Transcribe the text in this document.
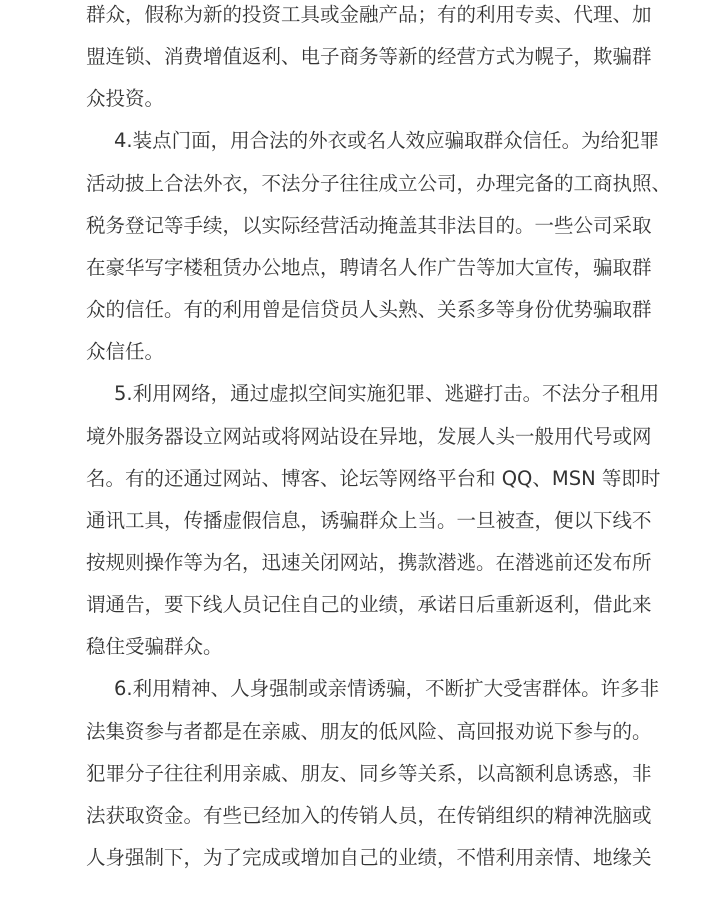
群众，假称为新的投资工具或金融产品；有的利用专卖、代理、加
盟连锁、消费增值返利、电子商务等新的经营方式为幌子，欺骗群
众投资。
4.装点门面，用合法的外衣或名人效应骗取群众信任。为给犯罪
活动披上合法外衣，不法分子往往成立公司，办理完备的工商执照、
税务登记等手续，以实际经营活动掩盖其非法目的。一些公司采取
在豪华写字楼租赁办公地点，聘请名人作广告等加大宣传，骗取群
众的信任。有的利用曾是信贷员人头熟、关系多等身份优势骗取群
众信任。
5.利用网络，通过虚拟空间实施犯罪、逃避打击。不法分子租用
境外服务器设立网站或将网站设在异地，发展人头一般用代号或网
名。有的还通过网站、博客、论坛等网络平台和 QQ、MSN 等即时
通讯工具，传播虚假信息，诱骗群众上当。一旦被查，便以下线不
按规则操作等为名，迅速关闭网站，携款潜逃。在潜逃前还发布所
谓通告，要下线人员记住自己的业绩，承诺日后重新返利，借此来
稳住受骗群众。
6.利用精神、人身强制或亲情诱骗，不断扩大受害群体。许多非
法集资参与者都是在亲戚、朋友的低风险、高回报劝说下参与的。
犯罪分子往往利用亲戚、朋友、同乡等关系，以高额利息诱惑，非
法获取资金。有些已经加入的传销人员，在传销组织的精神洗脑或
人身强制下，为了完成或增加自己的业绩，不惜利用亲情、地缘关
